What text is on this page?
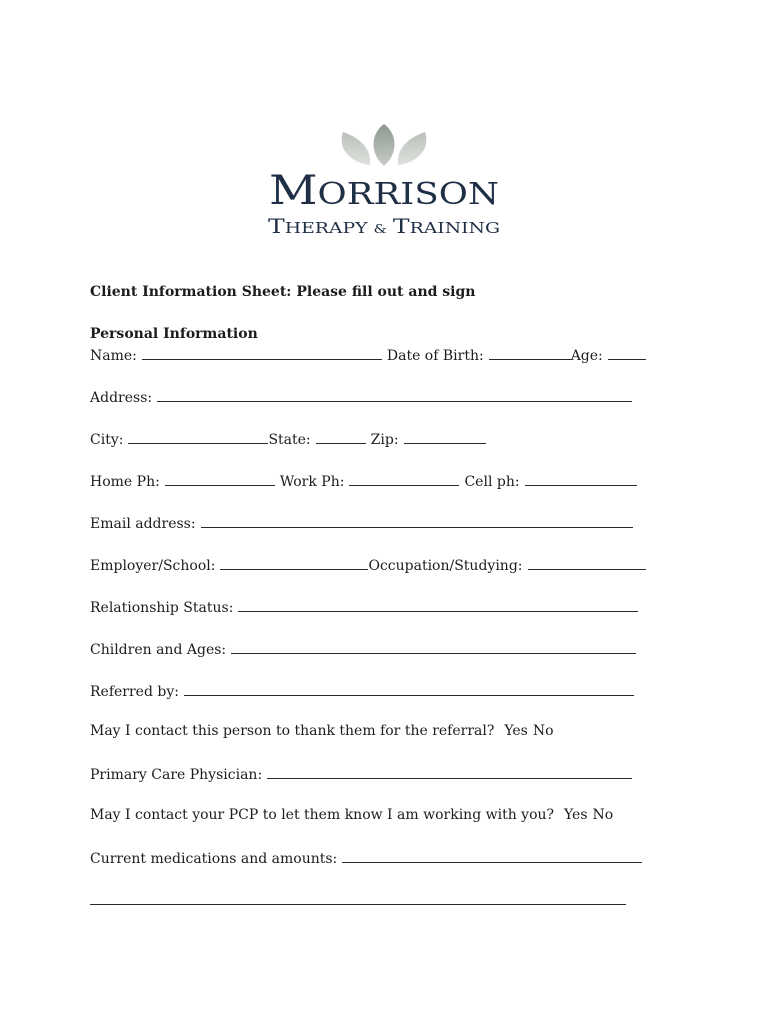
M ORRISON
T HERAPY & T RAINING
Client Information Sheet: Please fill out and sign
Personal Information
Name:	Date of Birth:	Age:
Address:
City:	State:	Zip:
Home Ph:	Work Ph:	Cell ph:
Email address:
Employer/School:	Occupation/Studying:
Relationship Status:
Children and Ages:
Referred by:
May I contact this person to thank them for the referral? Yes No
Primary Care Physician:
May I contact your PCP to let them know I am working with you? Yes No
Current medications and amounts:
